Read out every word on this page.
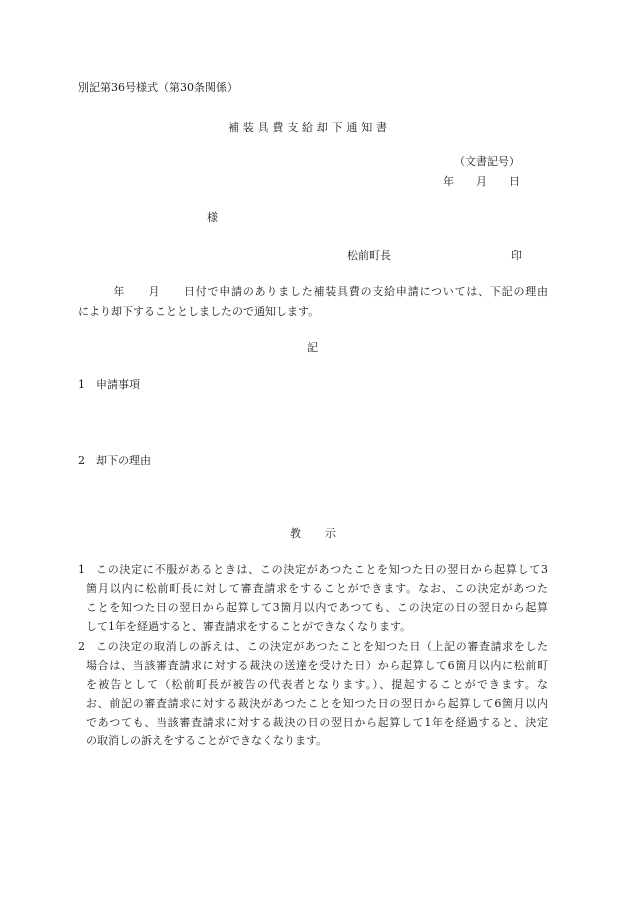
別記第36号様式（第30条関係）
補装具費支給却下通知書
（文書記号）
年　　月　　日
様
松前町長	印
　　　年　　月　　日付で申請のありました補装具費の支給申請については、下記の理由
により却下することとしましたので通知します。
記
1 申請事項
2 却下の理由
教示
1	この決定に不服があるときは、この決定があつたことを知つた日の翌日から起算して3
箇月以内に松前町長に対して審査請求をすることができます。なお、この決定があつた
ことを知つた日の翌日から起算して3箇月以内であつても、この決定の日の翌日から起算
して1年を経過すると、審査請求をすることができなくなります。
2	この決定の取消しの訴えは、この決定があつたことを知つた日（上記の審査請求をした
場合は、当該審査請求に対する裁決の送達を受けた日）から起算して6箇月以内に松前町
を被告として（松前町長が被告の代表者となります。）、提起することができます。な
お、前記の審査請求に対する裁決があつたことを知つた日の翌日から起算して6箇月以内
であつても、当該審査請求に対する裁決の日の翌日から起算して1年を経過すると、決定
の取消しの訴えをすることができなくなります。
